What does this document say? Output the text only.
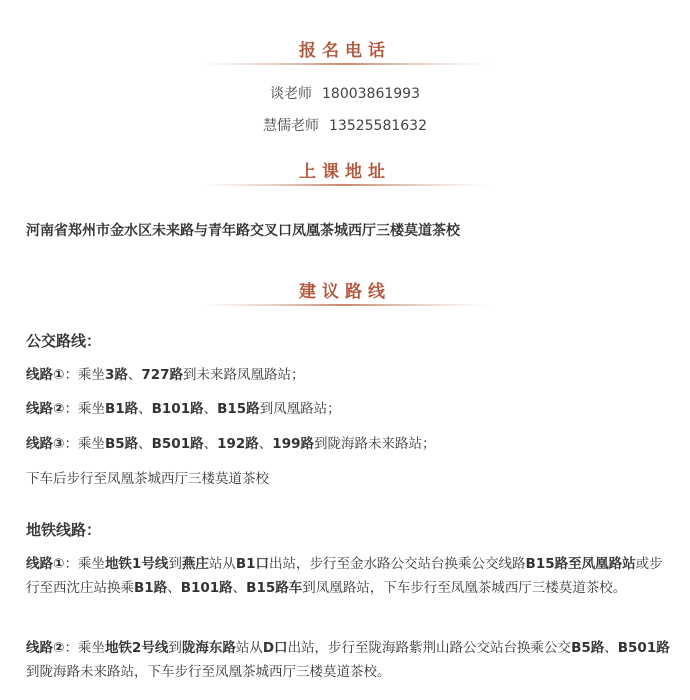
报名电话
谈老师 18003861993
慧儒老师 13525581632
上课地址
河南省郑州市金水区未来路与青年路交叉口凤凰茶城西厅三楼莫道茶校
建议路线
公交路线：
线路①：乘坐3路、727路到未来路凤凰路站；
线路②：乘坐B1路、B101路、B15路到凤凰路站；
线路③：乘坐B5路、B501路、192路、199路到陇海路未来路站；
下车后步行至凤凰茶城西厅三楼莫道茶校
地铁线路：
线路①：乘坐地铁1号线到燕庄站从B1口出站，步行至金水路公交站台换乘公交线路B15路至凤凰路站或步行至西沈庄站换乘B1路、B101路、B15路车到凤凰路站，下车步行至凤凰茶城西厅三楼莫道茶校。
线路②：乘坐地铁2号线到陇海东路站从D口出站，步行至陇海路紫荆山路公交站台换乘公交B5路、B501路到陇海路未来路站，下车步行至凤凰茶城西厅三楼莫道茶校。
